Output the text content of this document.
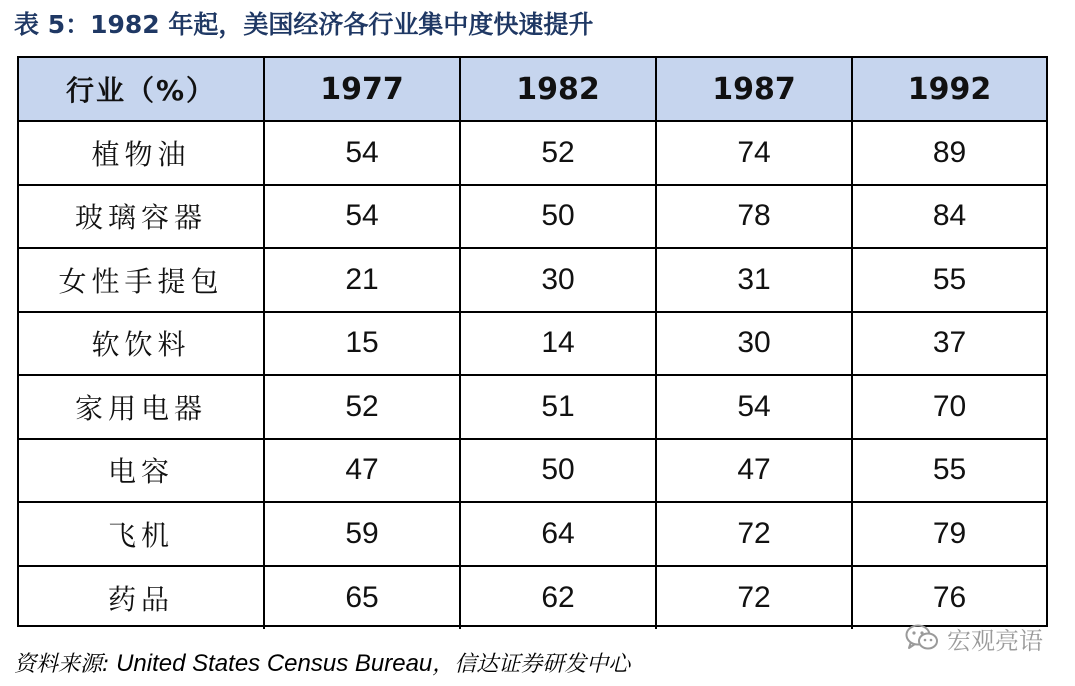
表 5：1982 年起，美国经济各行业集中度快速提升
行业（%）	1977	1982	1987	1992
植物油	54	52	74	89
玻璃容器	54	50	78	84
女性手提包	21	30	31	55
软饮料	15	14	30	37
家用电器	52	51	54	70
电容	47	50	47	55
飞机	59	64	72	79
药品	65	62	72	76
宏观亮语
资料来源: United States Census Bureau，信达证券研发中心
